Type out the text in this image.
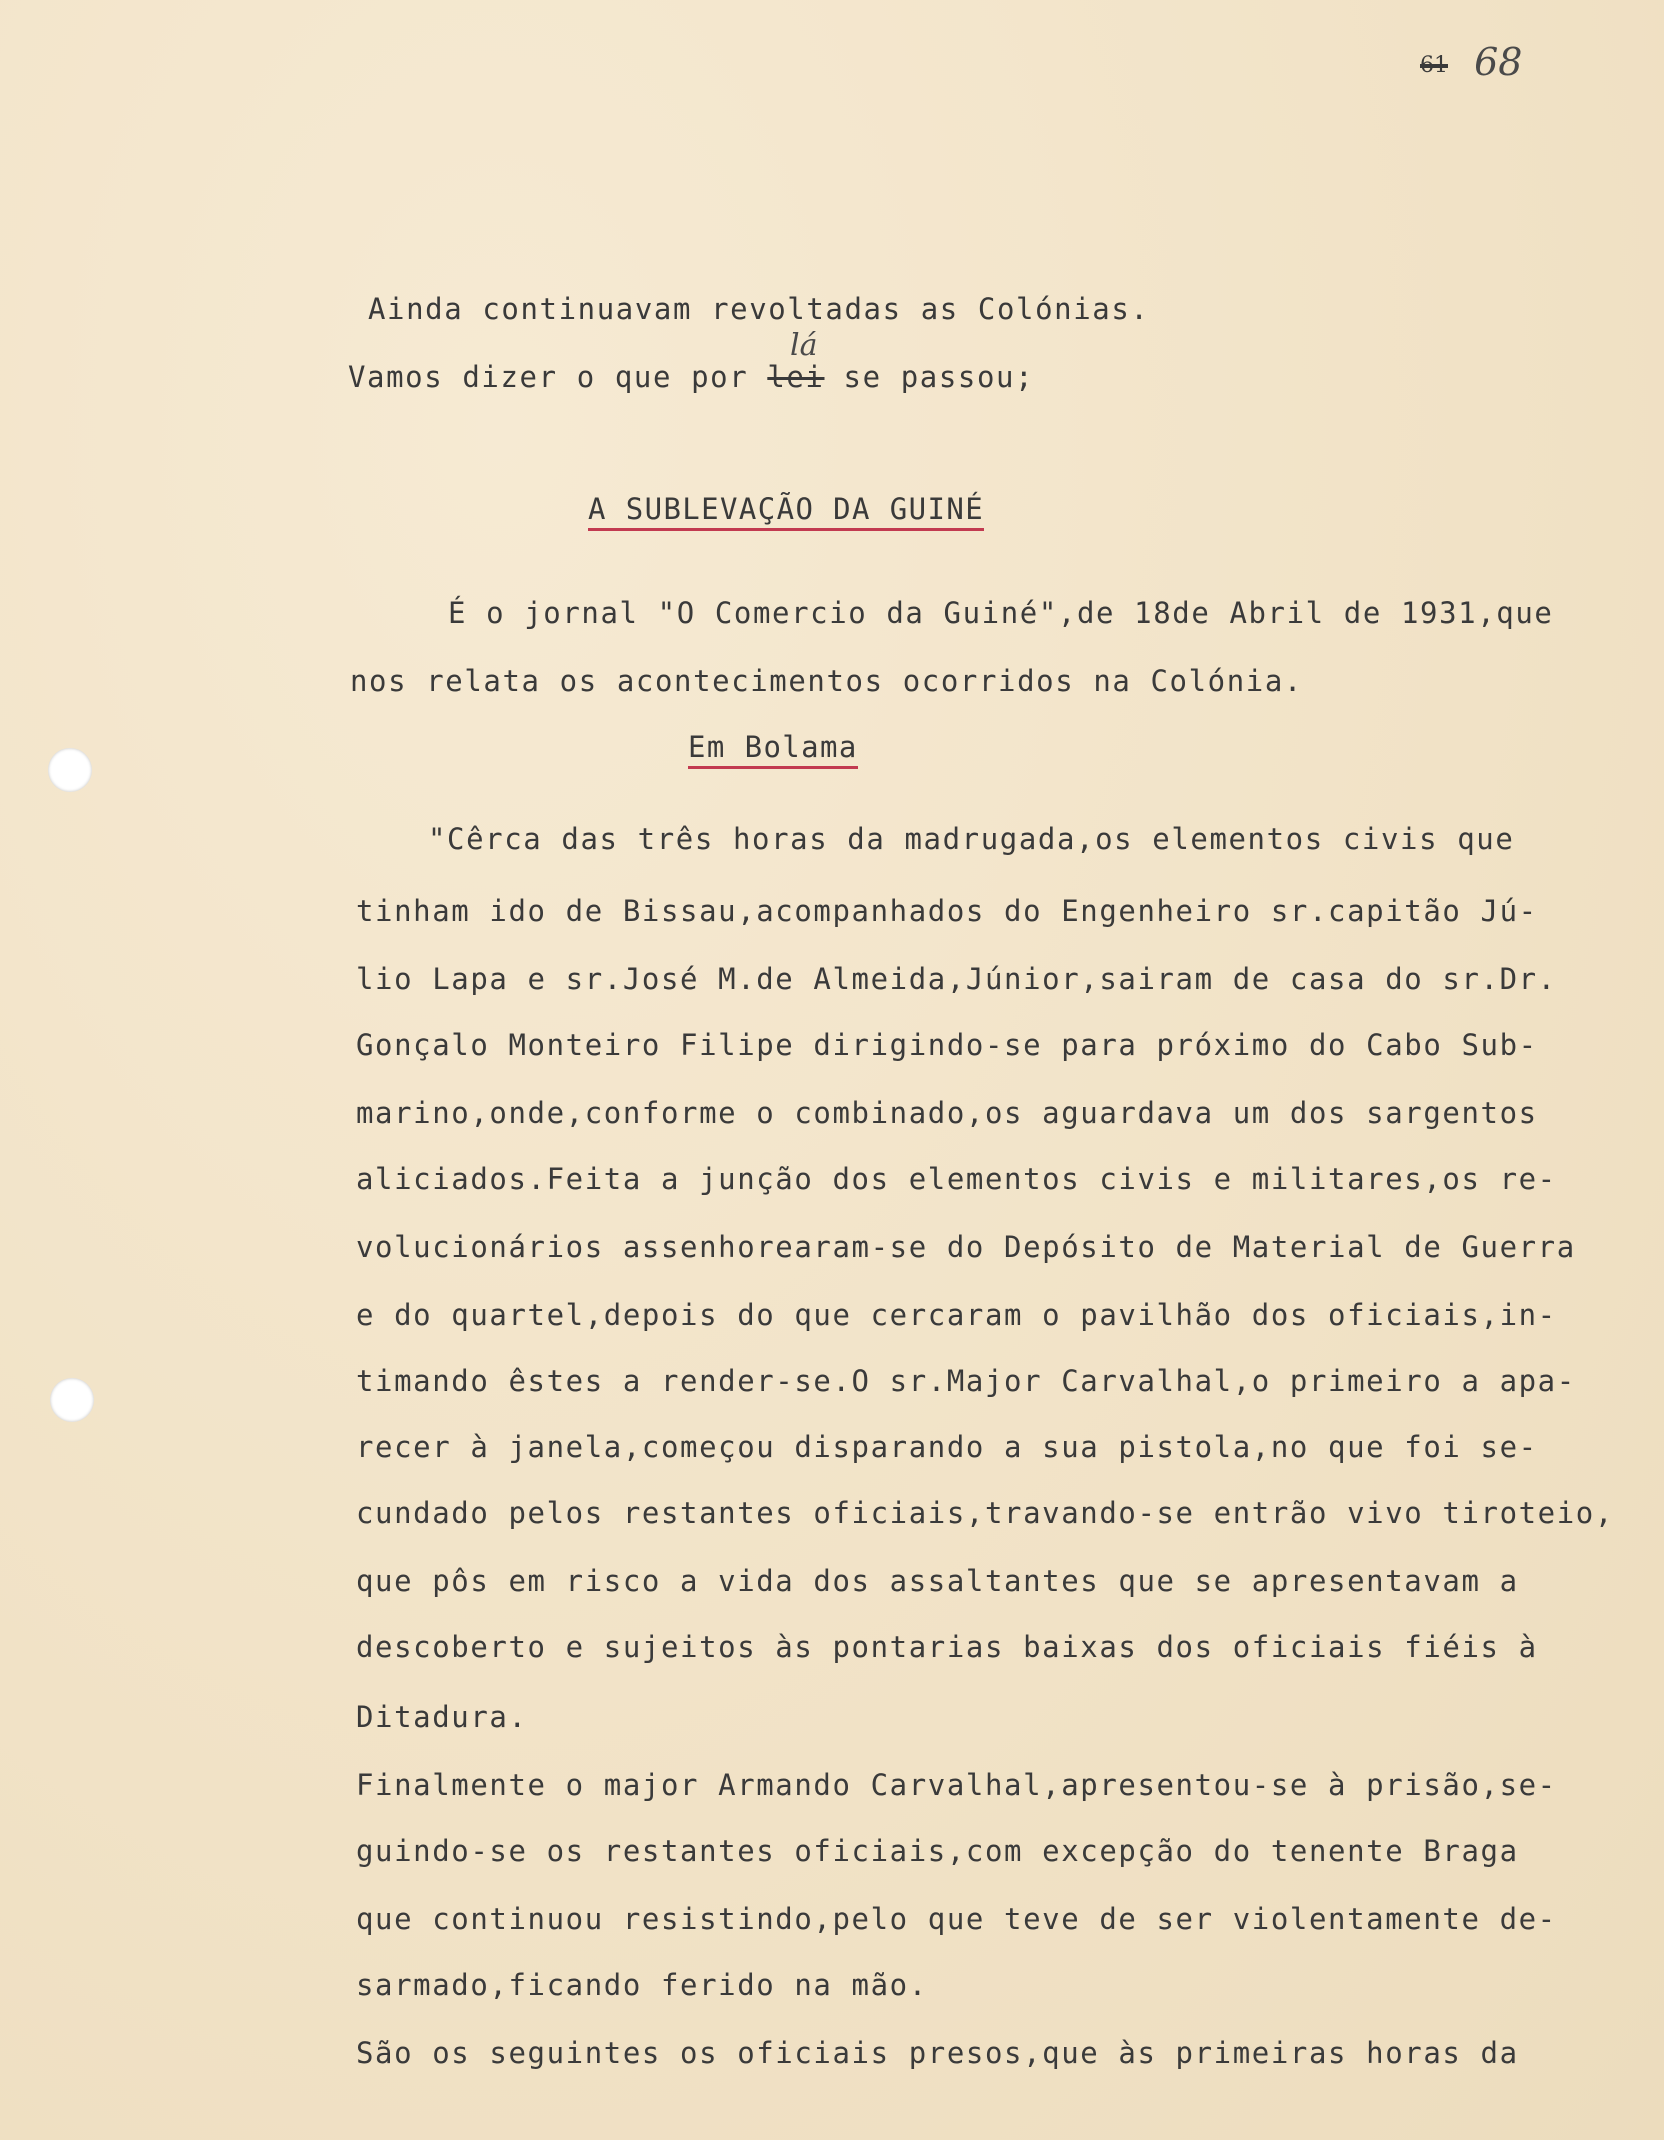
61 68
Ainda continuavam revoltadas as Colónias.
lá
Vamos dizer o que por lei se passou;
A SUBLEVAÇÃO DA GUINÉ
É o jornal "O Comercio da Guiné",de 18de Abril de 1931,que
nos relata os acontecimentos ocorridos na Colónia.
Em Bolama
"Cêrca das três horas da madrugada,os elementos civis que
tinham ido de Bissau,acompanhados do Engenheiro sr.capitão Jú-
lio Lapa e sr.José M.de Almeida,Júnior,sairam de casa do sr.Dr.
Gonçalo Monteiro Filipe dirigindo-se para próximo do Cabo Sub-
marino,onde,conforme o combinado,os aguardava um dos sargentos
aliciados.Feita a junção dos elementos civis e militares,os re-
volucionários assenhorearam-se do Depósito de Material de Guerra
e do quartel,depois do que cercaram o pavilhão dos oficiais,in-
timando êstes a render-se.O sr.Major Carvalhal,o primeiro a apa-
recer à janela,começou disparando a sua pistola,no que foi se-
cundado pelos restantes oficiais,travando-se entrão vivo tiroteio,
que pôs em risco a vida dos assaltantes que se apresentavam a
descoberto e sujeitos às pontarias baixas dos oficiais fiéis à
Ditadura.
Finalmente o major Armando Carvalhal,apresentou-se à prisão,se-
guindo-se os restantes oficiais,com excepção do tenente Braga
que continuou resistindo,pelo que teve de ser violentamente de-
sarmado,ficando ferido na mão.
São os seguintes os oficiais presos,que às primeiras horas da
